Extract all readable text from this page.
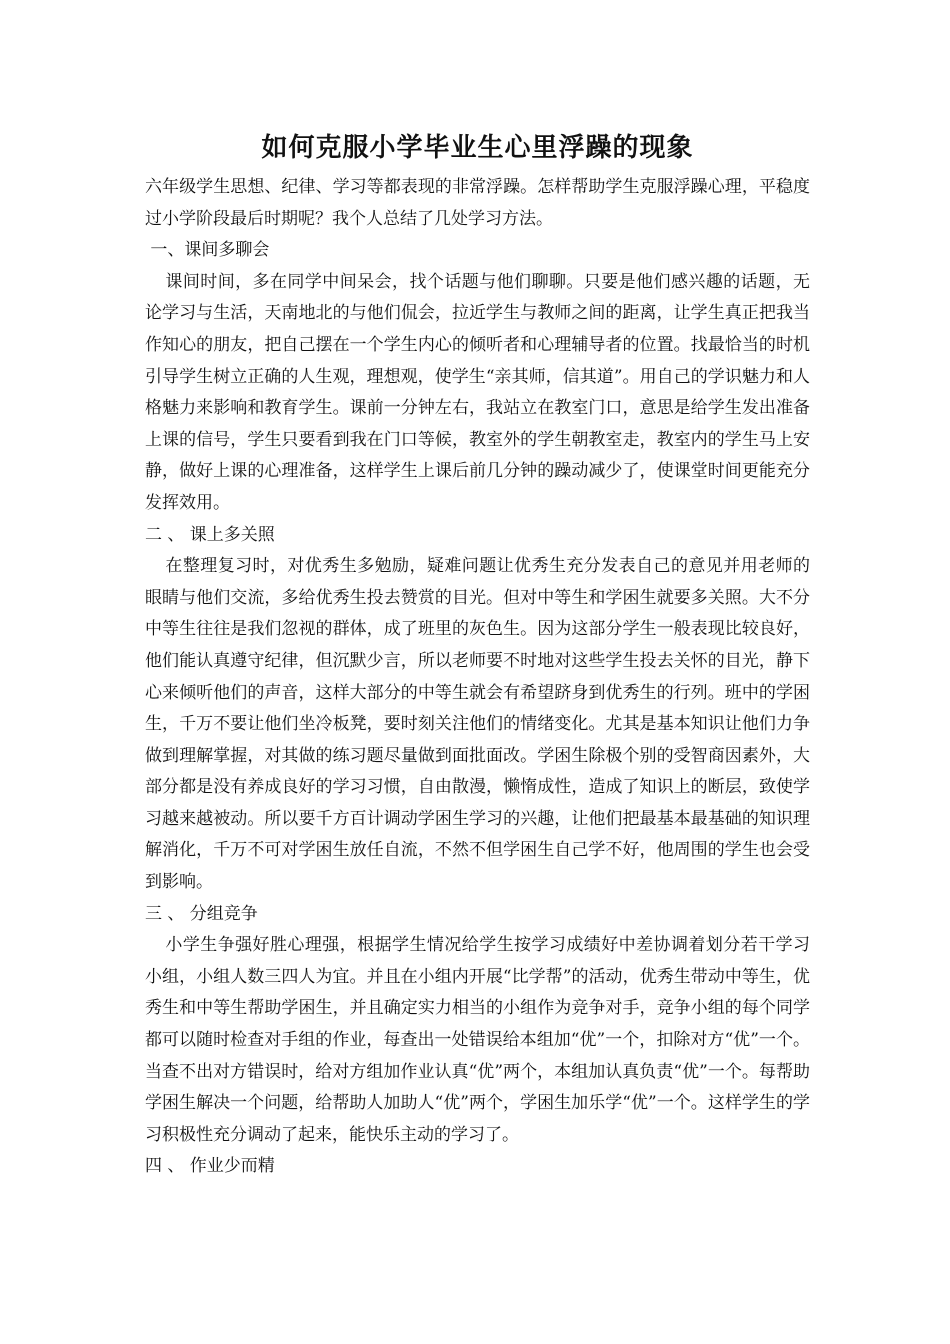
如何克服小学毕业生心里浮躁的现象

六年级学生思想、纪律、学习等都表现的非常浮躁。怎样帮助学生克服浮躁心理，平稳度过小学阶段最后时期呢？我个人总结了几处学习方法。

一、课间多聊会

课间时间，多在同学中间呆会，找个话题与他们聊聊。只要是他们感兴趣的话题，无论学习与生活，天南地北的与他们侃会，拉近学生与教师之间的距离，让学生真正把我当作知心的朋友，把自己摆在一个学生内心的倾听者和心理辅导者的位置。找最恰当的时机引导学生树立正确的人生观，理想观，使学生“亲其师，信其道”。用自己的学识魅力和人格魅力来影响和教育学生。课前一分钟左右，我站立在教室门口，意思是给学生发出准备上课的信号，学生只要看到我在门口等候，教室外的学生朝教室走，教室内的学生马上安静，做好上课的心理准备，这样学生上课后前几分钟的躁动减少了，使课堂时间更能充分发挥效用。

二 、 课上多关照

在整理复习时，对优秀生多勉励，疑难问题让优秀生充分发表自己的意见并用老师的眼睛与他们交流，多给优秀生投去赞赏的目光。但对中等生和学困生就要多关照。大不分中等生往往是我们忽视的群体，成了班里的灰色生。因为这部分学生一般表现比较良好，他们能认真遵守纪律，但沉默少言，所以老师要不时地对这些学生投去关怀的目光，静下心来倾听他们的声音，这样大部分的中等生就会有希望跻身到优秀生的行列。班中的学困生，千万不要让他们坐冷板凳，要时刻关注他们的情绪变化。尤其是基本知识让他们力争做到理解掌握，对其做的练习题尽量做到面批面改。学困生除极个别的受智商因素外，大部分都是没有养成良好的学习习惯，自由散漫，懒惰成性，造成了知识上的断层，致使学习越来越被动。所以要千方百计调动学困生学习的兴趣，让他们把最基本最基础的知识理解消化，千万不可对学困生放任自流，不然不但学困生自己学不好，他周围的学生也会受到影响。

三 、 分组竞争

小学生争强好胜心理强，根据学生情况给学生按学习成绩好中差协调着划分若干学习小组，小组人数三四人为宜。并且在小组内开展“比学帮”的活动，优秀生带动中等生，优秀生和中等生帮助学困生，并且确定实力相当的小组作为竞争对手，竞争小组的每个同学都可以随时检查对手组的作业，每查出一处错误给本组加“优”一个，扣除对方“优”一个。当查不出对方错误时，给对方组加作业认真“优”两个，本组加认真负责“优”一个。每帮助学困生解决一个问题，给帮助人加助人“优”两个，学困生加乐学“优”一个。这样学生的学习积极性充分调动了起来，能快乐主动的学习了。

四 、 作业少而精
